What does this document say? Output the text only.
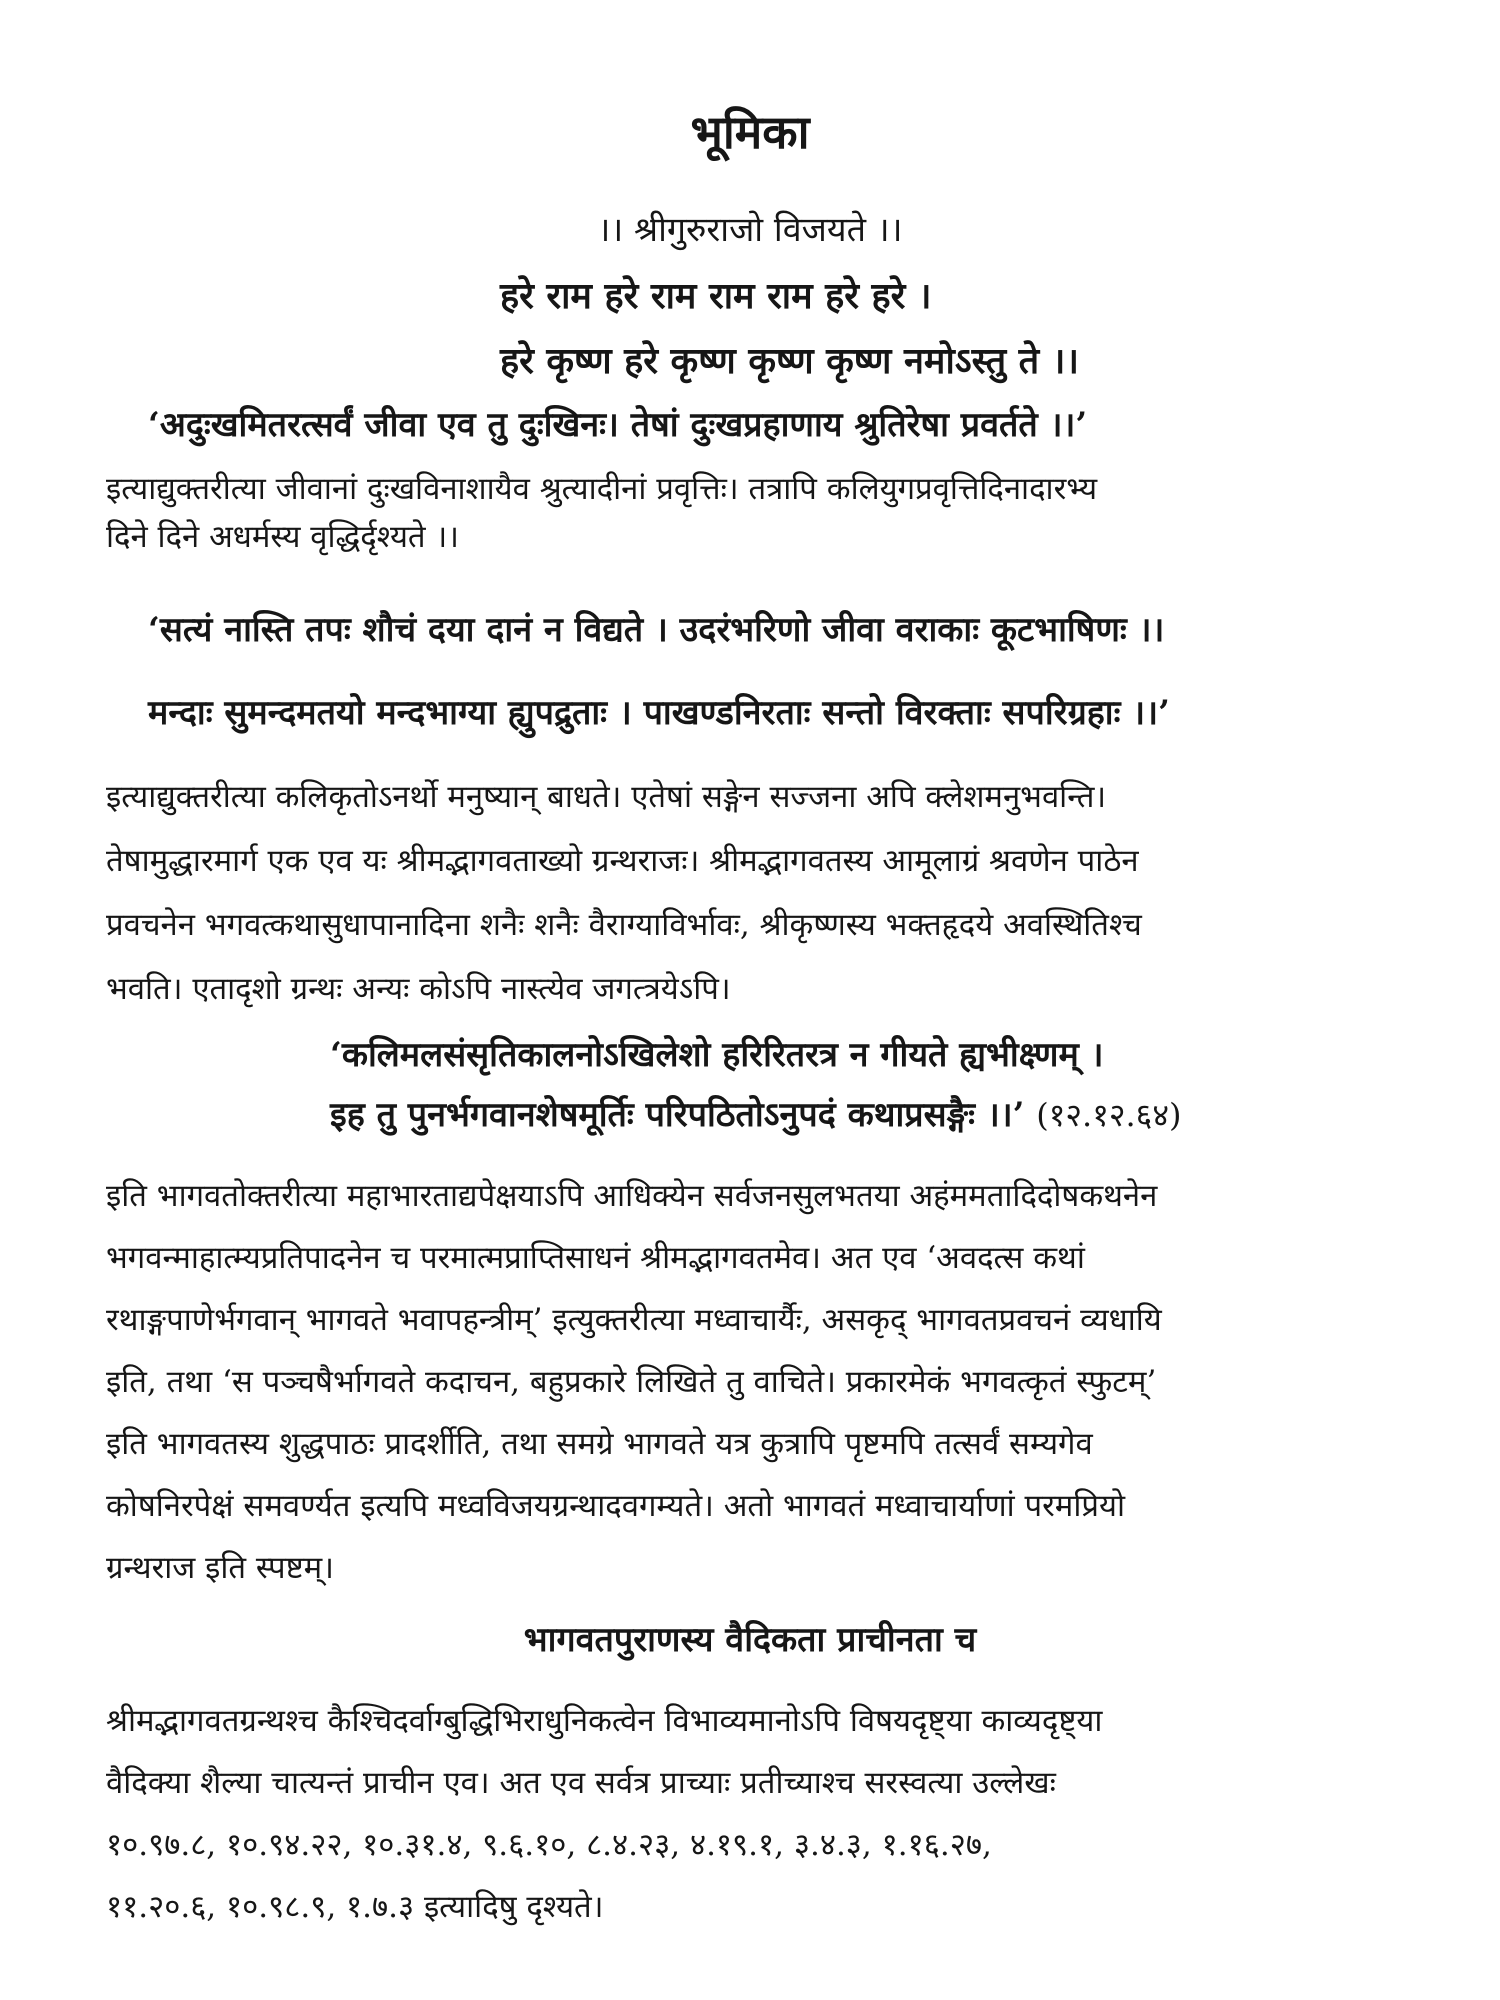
भूमिका
।। श्रीगुरुराजो विजयते ।।
हरे राम हरे राम राम राम हरे हरे ।
हरे कृष्ण हरे कृष्ण कृष्ण कृष्ण नमोऽस्तु ते ।।
‘अदुःखमितरत्सर्वं जीवा एव तु दुःखिनः। तेषां दुःखप्रहाणाय श्रुतिरेषा प्रवर्तते ।।’
इत्याद्युक्तरीत्या जीवानां दुःखविनाशायैव श्रुत्यादीनां प्रवृत्तिः। तत्रापि कलियुगप्रवृत्तिदिनादारभ्य
दिने दिने अधर्मस्य वृद्धिर्दृश्यते ।।
‘सत्यं नास्ति तपः शौचं दया दानं न विद्यते । उदरंभरिणो जीवा वराकाः कूटभाषिणः ।।
मन्दाः सुमन्दमतयो मन्दभाग्या ह्युपद्रुताः । पाखण्डनिरताः सन्तो विरक्ताः सपरिग्रहाः ।।’
इत्याद्युक्तरीत्या कलिकृतोऽनर्थो मनुष्यान् बाधते। एतेषां सङ्गेन सज्जना अपि क्लेशमनुभवन्ति।
तेषामुद्धारमार्ग एक एव यः श्रीमद्भागवताख्यो ग्रन्थराजः। श्रीमद्भागवतस्य आमूलाग्रं श्रवणेन पाठेन
प्रवचनेन भगवत्कथासुधापानादिना शनैः शनैः वैराग्याविर्भावः, श्रीकृष्णस्य भक्तहृदये अवस्थितिश्च
भवति। एतादृशो ग्रन्थः अन्यः कोऽपि नास्त्येव जगत्त्रयेऽपि।
‘कलिमलसंसृतिकालनोऽखिलेशो हरिरितरत्र न गीयते ह्यभीक्ष्णम् ।
इह तु पुनर्भगवानशेषमूर्तिः परिपठितोऽनुपदं कथाप्रसङ्गैः ।।’ (१२.१२.६४)
इति भागवतोक्तरीत्या महाभारताद्यपेक्षयाऽपि आधिक्येन सर्वजनसुलभतया अहंममतादिदोषकथनेन
भगवन्माहात्म्यप्रतिपादनेन च परमात्मप्राप्तिसाधनं श्रीमद्भागवतमेव। अत एव ‘अवदत्स कथां
रथाङ्गपाणेर्भगवान् भागवते भवापहन्त्रीम्’ इत्युक्तरीत्या मध्वाचार्यैः, असकृद् भागवतप्रवचनं व्यधायि
इति, तथा ‘स पञ्चषैर्भागवते कदाचन, बहुप्रकारे लिखिते तु वाचिते। प्रकारमेकं भगवत्कृतं स्फुटम्’
इति भागवतस्य शुद्धपाठः प्रादर्शीति, तथा समग्रे भागवते यत्र कुत्रापि पृष्टमपि तत्सर्वं सम्यगेव
कोषनिरपेक्षं समवर्ण्यत इत्यपि मध्वविजयग्रन्थादवगम्यते। अतो भागवतं मध्वाचार्याणां परमप्रियो
ग्रन्थराज इति स्पष्टम्।
भागवतपुराणस्य वैदिकता प्राचीनता च
श्रीमद्भागवतग्रन्थश्च कैश्चिदर्वाग्बुद्धिभिराधुनिकत्वेन विभाव्यमानोऽपि विषयदृष्ट्या काव्यदृष्ट्या
वैदिक्या शैल्या चात्यन्तं प्राचीन एव। अत एव सर्वत्र प्राच्याः प्रतीच्याश्च सरस्वत्या उल्लेखः
१०.९७.८, १०.९४.२२, १०.३१.४, ९.६.१०, ८.४.२३, ४.१९.१, ३.४.३, १.१६.२७,
११.२०.६, १०.९८.९, १.७.३ इत्यादिषु दृश्यते।
